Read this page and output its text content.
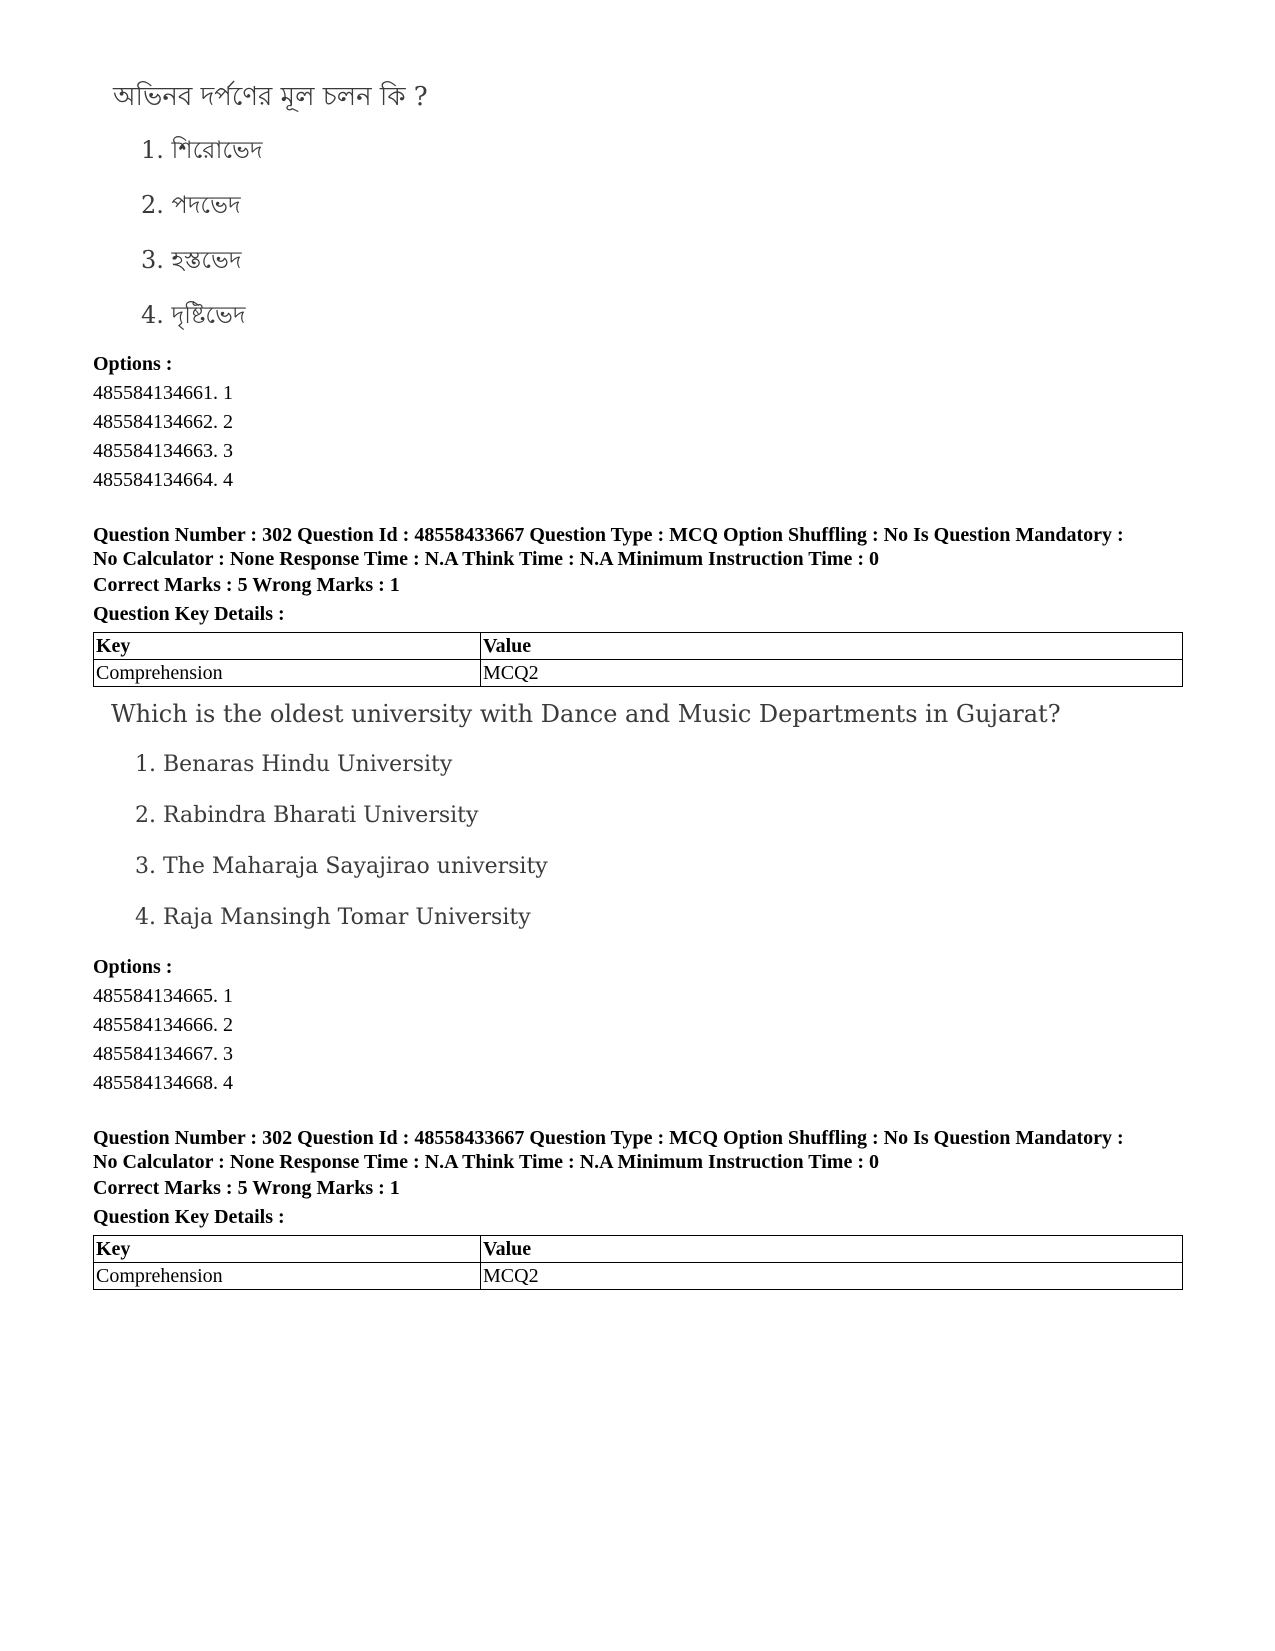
অভিনব দর্পণের মূল চলন কি ?
1. শিরোভেদ
2. পদভেদ
3. হস্তভেদ
4. দৃষ্টিভেদ
Options :
485584134661. 1
485584134662. 2
485584134663. 3
485584134664. 4
Question Number : 302 Question Id : 48558433667 Question Type : MCQ Option Shuffling : No Is Question Mandatory :
No Calculator : None Response Time : N.A Think Time : N.A Minimum Instruction Time : 0
Correct Marks : 5 Wrong Marks : 1
Question Key Details :
Key	Value
Comprehension	MCQ2
Which is the oldest university with Dance and Music Departments in Gujarat?
1. Benaras Hindu University
2. Rabindra Bharati University
3. The Maharaja Sayajirao university
4. Raja Mansingh Tomar University
Options :
485584134665. 1
485584134666. 2
485584134667. 3
485584134668. 4
Question Number : 302 Question Id : 48558433667 Question Type : MCQ Option Shuffling : No Is Question Mandatory :
No Calculator : None Response Time : N.A Think Time : N.A Minimum Instruction Time : 0
Correct Marks : 5 Wrong Marks : 1
Question Key Details :
Key	Value
Comprehension	MCQ2
